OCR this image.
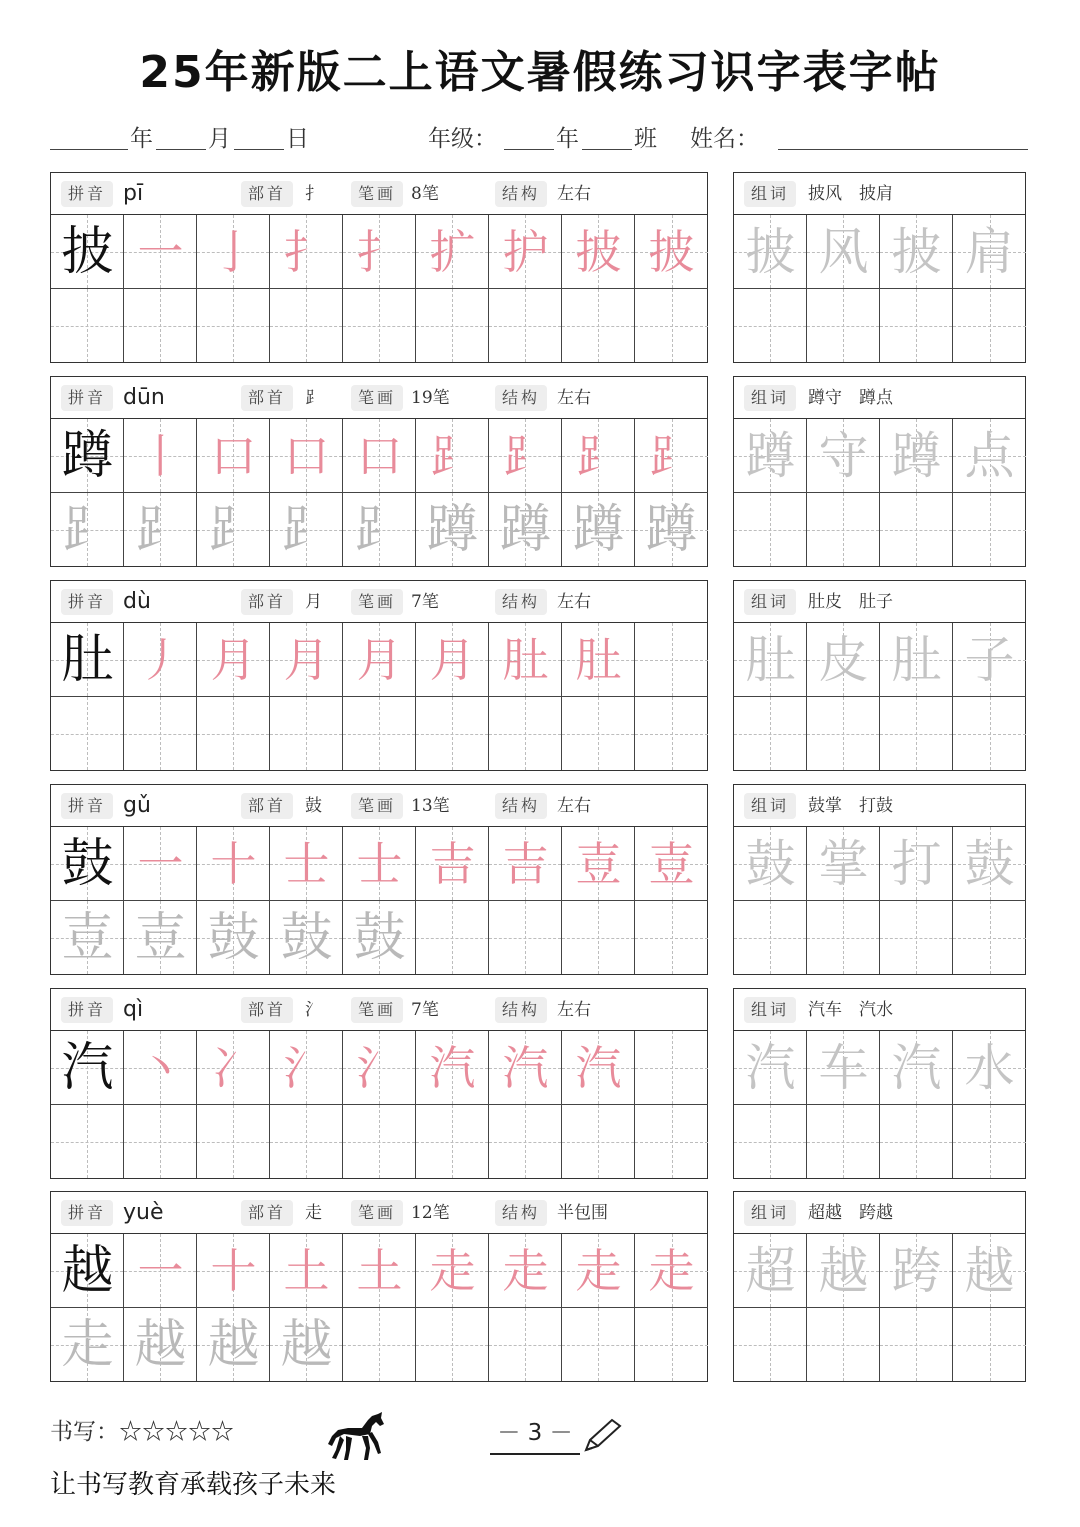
25年新版二上语文暑假练习识字表字帖
年 月 日	年级：	年 班 姓名：
拼音 pī	部首	扌	笔画 8笔	结构 左右
披 一 亅 扌 扌 扩 护 披 披
组词	披风　披肩
披 风 披 肩
拼音 dūn	部首	⻊	笔画 19笔	结构 左右
蹲 丨 口 口 口 ⻊ ⻊ ⻊ ⻊
⻊ ⻊ ⻊ ⻊ ⻊ 蹲 蹲 蹲 蹲
组词	蹲守　蹲点
蹲 守 蹲 点
拼音 dù	部首	月	笔画 7笔	结构 左右
肚 丿 月 月 月 月 肚 肚
组词	肚皮　肚子
肚 皮 肚 子
拼音 gǔ	部首	鼓	笔画 13笔	结构 左右
鼓 一 十 士 士 吉 吉 壴 壴
壴 壴 鼓 鼓 鼓
组词	鼓掌　打鼓
鼓 掌 打 鼓
拼音 qì	部首	氵	笔画 7笔	结构 左右
汽 丶 冫 氵 氵 汽 汽 汽
组词	汽车　汽水
汽 车 汽 水
拼音 yuè	部首	走	笔画 12笔	结构 半包围
越 一 十 土 土 走 走 走 走
走 越 越 越
组词	超越　跨越
超 越 跨 越
书写：☆☆☆☆☆	－ 3 －
让书写教育承载孩子未来
